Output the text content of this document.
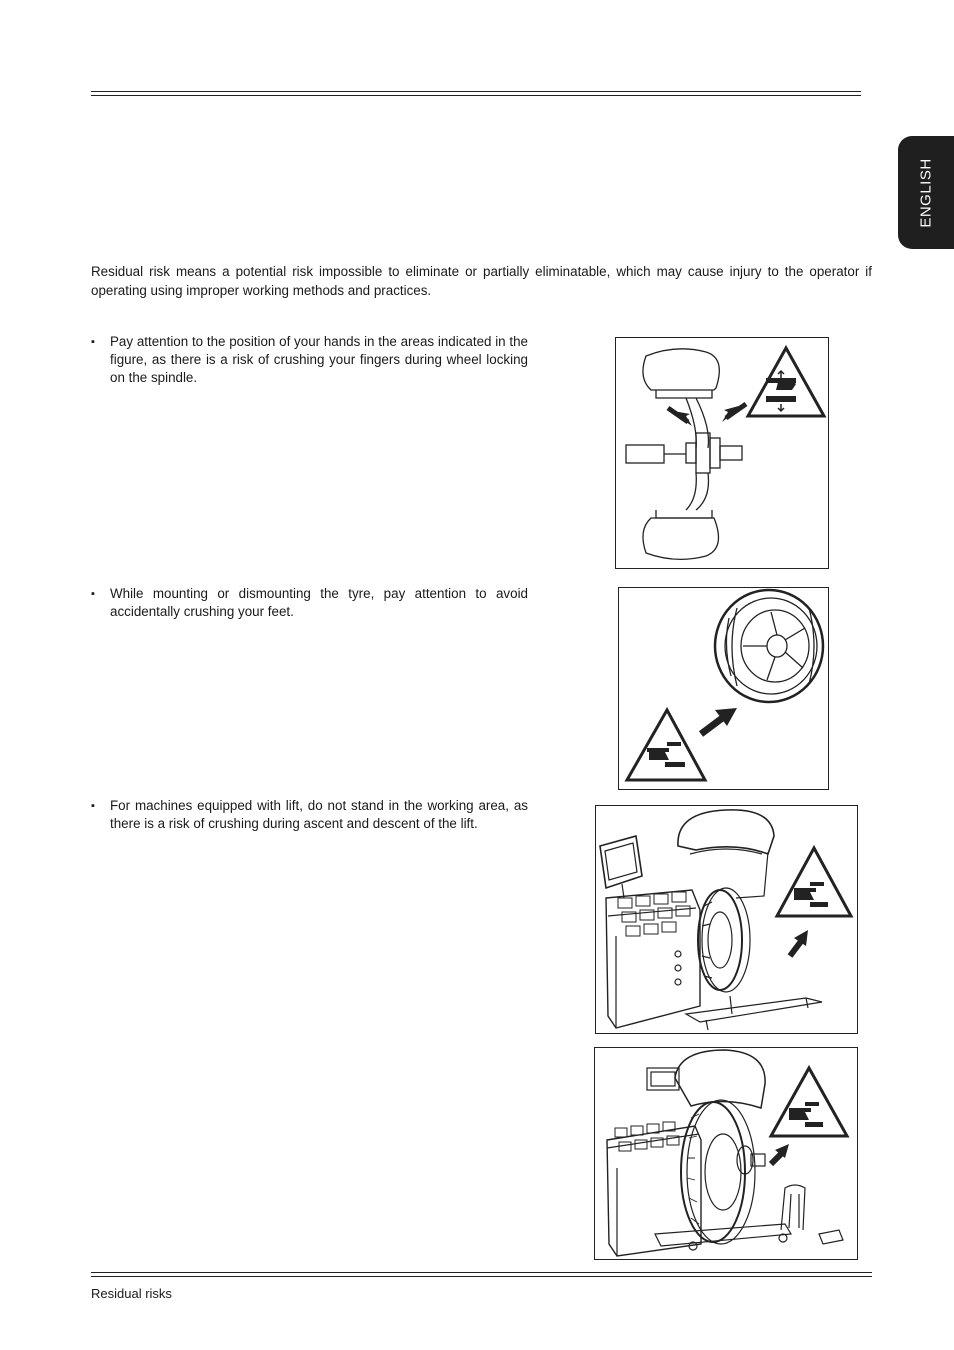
ENGLISH

Residual risk means a potential risk impossible to eliminate or partially eliminatable, which may cause injury to the operator if operating using improper working methods and practices.

▪ Pay attention to the position of your hands in the areas indicated in the figure, as there is a risk of crushing your fingers during wheel locking on the spindle.
▪ While mounting or dismounting the tyre, pay attention to avoid accidentally crushing your feet.
▪ For machines equipped with lift, do not stand in the working area, as there is a risk of crushing during ascent and descent of the lift.
Residual risks
